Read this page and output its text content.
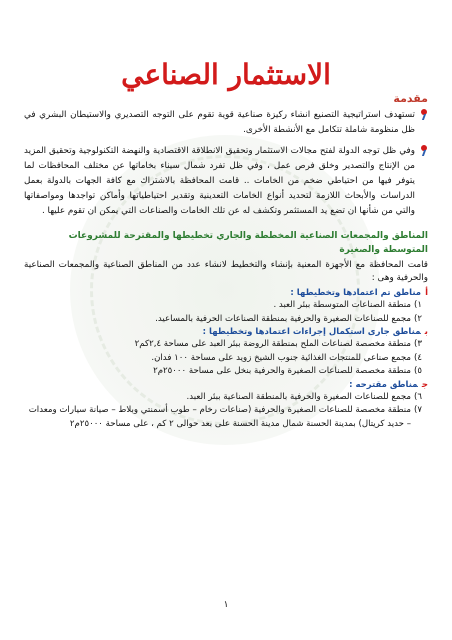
الاستثمار الصناعي
مقدمة

تستهدف استراتيجية التصنيع انشاء ركيزة صناعية قوية تقوم على التوجه التصديري والاستيطان البشري في ظل منظومة شاملة تتكامل مع الأنشطة الأخرى.

وفي ظل توجه الدولة لفتح مجالات الاستثمار وتحقيق الانطلاقة الاقتصادية والنهضة التكنولوجية وتحقيق المزيد من الإنتاج والتصدير وخلق فرص عمل ، وفي ظل تفرد شمال سيناء بخاماتها عن مختلف المحافظات لما يتوفر فيها من احتياطي ضخم من الخامات .. قامت المحافظة بالاشتراك مع كافة الجهات بالدولة بعمل الدراسات والأبحاث اللازمة لتحديد أنواع الخامات التعدينية وتقدير احتياطياتها وأماكن تواجدها ومواصفاتها والتي من شأنها ان تضع يد المستثمر وتكشف له عن تلك الخامات والصناعات التي يمكن ان تقوم عليها .

المناطق والمجمعات الصناعية المخططة والجاري تخطيطها والمقترحة للمشروعات المتوسطة والصغيرة

قامت المحافظة مع الأجهزة المعنية بإنشاء والتخطيط لانشاء عدد من المناطق الصناعية والمجمعات الصناعية والحرفية وهى :

أمناطق تم اعتمادها وتخطيطها :
١)
منطقة الصناعات المتوسطة ببئر العبد .
٢)
مجمع للصناعات الصغيرة والحرفية بمنطقة الصناعات الحرفية بالمساعيد.
بمناطق جارى استكمال إجراءات اعتمادها وتخطيطها :
٣)
منطقة مخصصة لصناعات الملح بمنطقة الروضة ببئر العبد على مساحة ٢,٤كم٢
٤)
مجمع صناعى للمنتجات الغذائية جنوب الشيخ زويد على مساحة ١٠٠ فدان.
٥)
منطقة مخصصة للصناعات الصغيرة والحرفية بنخل على مساحة ٢٥٠٠٠م٢
جمناطق مقترحه :
٦)
مجمع للصناعات الصغيرة والحرفية بالمنطقة الصناعية ببئر العبد.
٧)
منطقة مخصصة للصناعات الصغيرة والحرفية (صناعات رخام – طوب أسمنتي وبلاط – صيانة سيارات ومعدات – حديد كريتال) بمدينة الحسنة شمال مدينة الحسنة على بعد حوالى ٢ كم ، على مساحة ٢٥٠٠٠م٢
١
